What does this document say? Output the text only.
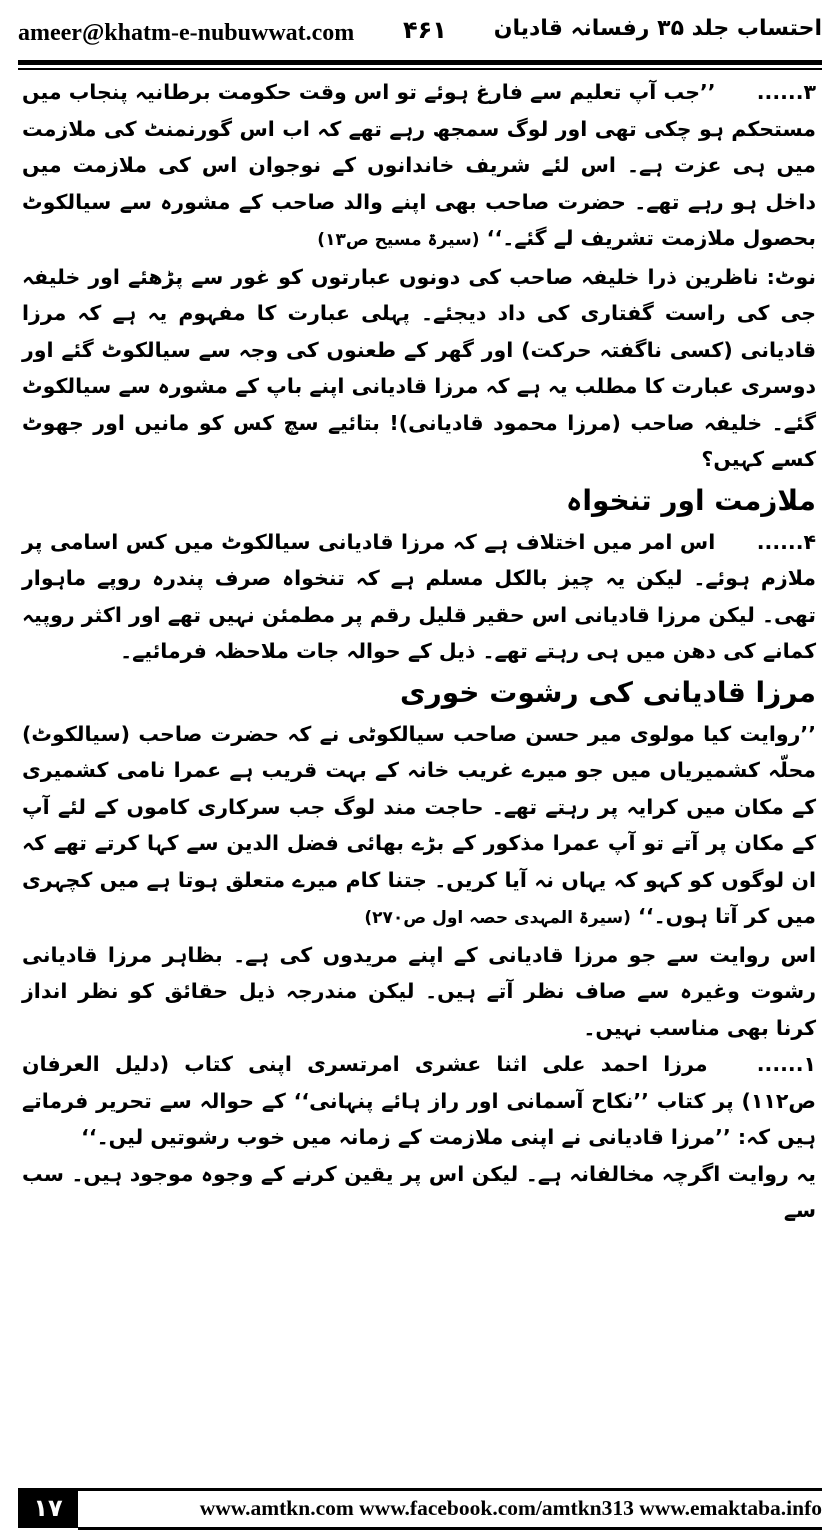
ameer@khatm-e-nubuwwat.com ۴۶۱ احتساب جلد ۳۵ رفسانہ قادیان

۳...... ’’جب آپ تعلیم سے فارغ ہوئے تو اس وقت حکومت برطانیہ پنجاب میں مستحکم ہو چکی تھی اور لوگ سمجھ رہے تھے کہ اب اس گورنمنٹ کی ملازمت میں ہی عزت ہے۔ اس لئے شریف خاندانوں کے نوجوان اس کی ملازمت میں داخل ہو رہے تھے۔ حضرت صاحب بھی اپنے والد صاحب کے مشورہ سے سیالکوٹ بحصول ملازمت تشریف لے گئے۔‘‘ (سیرۃ مسیح ص۱۳)

نوٹ: ناظرین ذرا خلیفہ صاحب کی دونوں عبارتوں کو غور سے پڑھئے اور خلیفہ جی کی راست گفتاری کی داد دیجئے۔ پہلی عبارت کا مفہوم یہ ہے کہ مرزا قادیانی (کسی ناگفتہ حرکت) اور گھر کے طعنوں کی وجہ سے سیالکوٹ گئے اور دوسری عبارت کا مطلب یہ ہے کہ مرزا قادیانی اپنے باپ کے مشورہ سے سیالکوٹ گئے۔ خلیفہ صاحب (مرزا محمود قادیانی)! بتائیے سچ کس کو مانیں اور جھوٹ کسے کہیں؟

ملازمت اور تنخواہ

۴...... اس امر میں اختلاف ہے کہ مرزا قادیانی سیالکوٹ میں کس اسامی پر ملازم ہوئے۔ لیکن یہ چیز بالکل مسلم ہے کہ تنخواہ صرف پندرہ روپے ماہوار تھی۔ لیکن مرزا قادیانی اس حقیر قلیل رقم پر مطمئن نہیں تھے اور اکثر روپیہ کمانے کی دھن میں ہی رہتے تھے۔ ذیل کے حوالہ جات ملاحظہ فرمائیے۔

مرزا قادیانی کی رشوت خوری

’’روایت کیا مولوی میر حسن صاحب سیالکوٹی نے کہ حضرت صاحب (سیالکوٹ) محلّہ کشمیریاں میں جو میرے غریب خانہ کے بہت قریب ہے عمرا نامی کشمیری کے مکان میں کرایہ پر رہتے تھے۔ حاجت مند لوگ جب سرکاری کاموں کے لئے آپ کے مکان پر آتے تو آپ عمرا مذکور کے بڑے بھائی فضل الدین سے کہا کرتے تھے کہ ان لوگوں کو کہو کہ یہاں نہ آیا کریں۔ جتنا کام میرے متعلق ہوتا ہے میں کچہری میں کر آتا ہوں۔‘‘ (سیرۃ المہدی حصہ اول ص۲۷۰)

اس روایت سے جو مرزا قادیانی کے اپنے مریدوں کی ہے۔ بظاہر مرزا قادیانی رشوت وغیرہ سے صاف نظر آتے ہیں۔ لیکن مندرجہ ذیل حقائق کو نظر انداز کرنا بھی مناسب نہیں۔

۱...... مرزا احمد علی اثنا عشری امرتسری اپنی کتاب (دلیل العرفان ص۱۱۲) پر کتاب ’’نکاح آسمانی اور راز ہائے پنہانی‘‘ کے حوالہ سے تحریر فرماتے ہیں کہ: ’’مرزا قادیانی نے اپنی ملازمت کے زمانہ میں خوب رشوتیں لیں۔‘‘

یہ روایت اگرچہ مخالفانہ ہے۔ لیکن اس پر یقین کرنے کے وجوہ موجود ہیں۔ سب سے

۱۷	www.amtkn.com www.facebook.com/amtkn313 www.emaktaba.info
